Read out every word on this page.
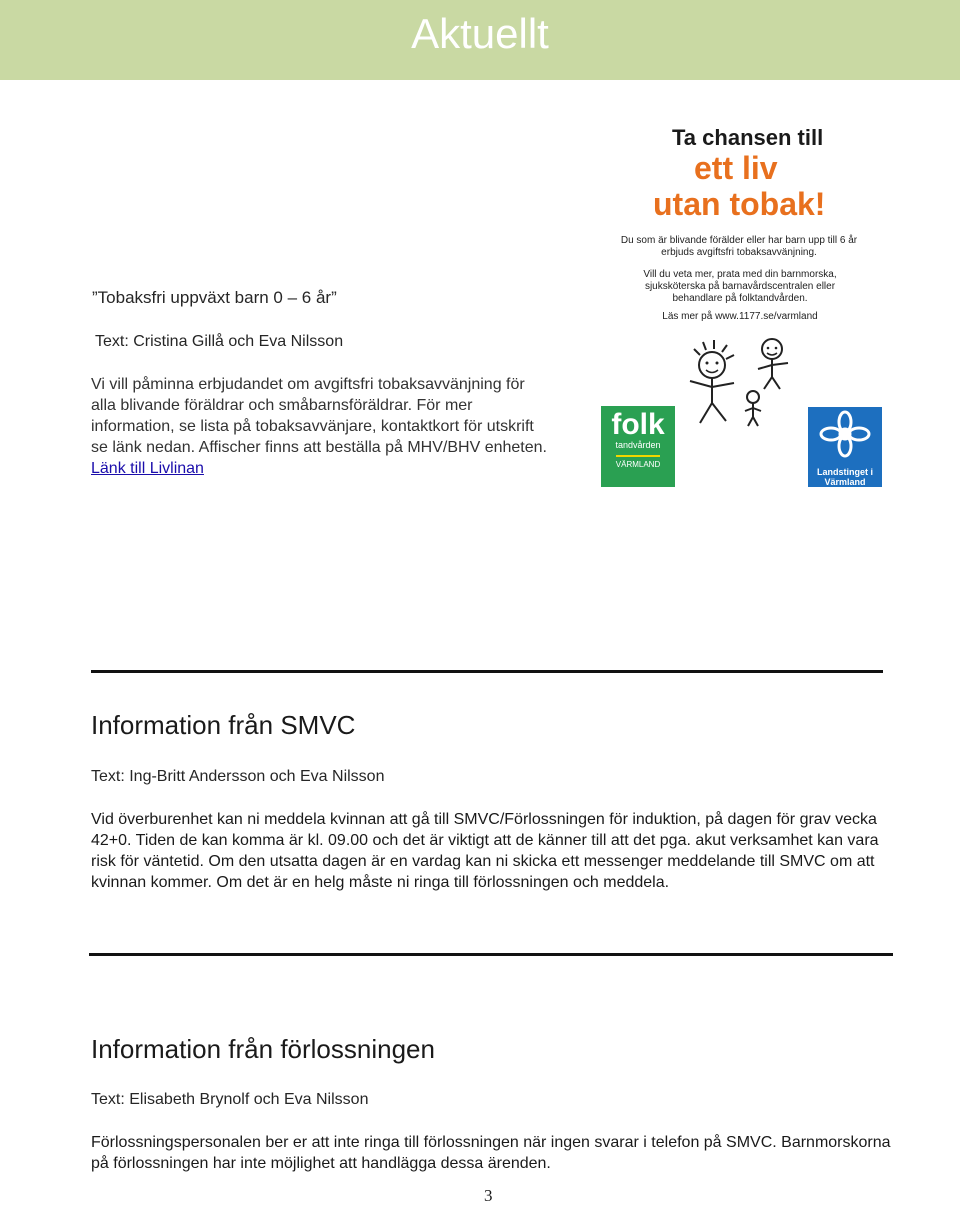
Aktuellt
”Tobaksfri uppväxt barn 0 – 6 år”
Text: Cristina Gillå och Eva Nilsson
Vi vill påminna erbjudandet om avgiftsfri tobaksavvänjning för alla blivande föräldrar och småbarnsföräldrar. För mer information, se lista på tobaksavvänjare, kontaktkort för utskrift se länk nedan. Affischer finns att beställa på MHV/BHV enheten. Länk till Livlinan
Ta chansen till
ett liv
utan tobak!
Du som är blivande förälder eller har barn upp till 6 år erbjuds avgiftsfri tobaksavvänjning.
Vill du veta mer, prata med din barnmorska, sjuksköterska på barnavårdscentralen eller behandlare på folktandvården.
Läs mer på www.1177.se/varmland
folk
tandvården
VÄRMLAND
Landstinget i Värmland
Information från SMVC
Text: Ing-Britt Andersson och Eva Nilsson
Vid överburenhet kan ni meddela kvinnan att gå till SMVC/Förlossningen för induktion, på dagen för grav vecka 42+0. Tiden de kan komma är kl. 09.00 och det är viktigt att de känner till att det pga. akut verksamhet kan vara risk för väntetid. Om den utsatta dagen är en vardag kan ni skicka ett messenger meddelande till SMVC om att kvinnan kommer. Om det är en helg måste ni ringa till förlossningen och meddela.
Information från förlossningen
Text: Elisabeth Brynolf och Eva Nilsson
Förlossningspersonalen ber er att inte ringa till förlossningen när ingen svarar i telefon på SMVC. Barnmorskorna på förlossningen har inte möjlighet att handlägga dessa ärenden.
3
